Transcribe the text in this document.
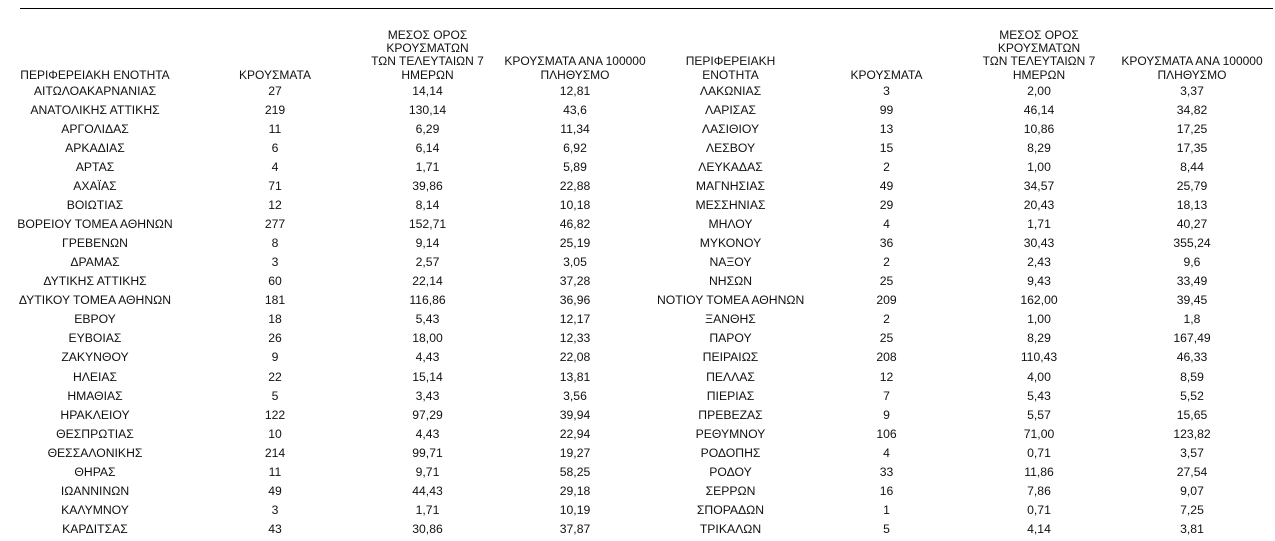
ΠΕΡΙΦΕΡΕΙΑΚΗ ΕΝΟΤΗΤΑ	ΚΡΟΥΣΜΑΤΑ	ΜΕΣΟΣ ΟΡΟΣ ΚΡΟΥΣΜΑΤΩΝ
ΤΩΝ ΤΕΛΕΥΤΑΙΩΝ 7
ΗΜΕΡΩΝ	ΚΡΟΥΣΜΑΤΑ ΑΝΑ 100000
ΠΛΗΘΥΣΜΟ

ΑΙΤΩΛΟΑΚΑΡΝΑΝΙΑΣ	27	14,14	12,81
ΑΝΑΤΟΛΙΚΗΣ ΑΤΤΙΚΗΣ	219	130,14	43,6
ΑΡΓΟΛΙΔΑΣ	11	6,29	11,34
ΑΡΚΑΔΙΑΣ	6	6,14	6,92
ΑΡΤΑΣ	4	1,71	5,89
ΑΧΑΪΑΣ	71	39,86	22,88
ΒΟΙΩΤΙΑΣ	12	8,14	10,18
ΒΟΡΕΙΟΥ ΤΟΜΕΑ ΑΘΗΝΩΝ	277	152,71	46,82
ΓΡΕΒΕΝΩΝ	8	9,14	25,19
ΔΡΑΜΑΣ	3	2,57	3,05
ΔΥΤΙΚΗΣ ΑΤΤΙΚΗΣ	60	22,14	37,28
ΔΥΤΙΚΟΥ ΤΟΜΕΑ ΑΘΗΝΩΝ	181	116,86	36,96
ΕΒΡΟΥ	18	5,43	12,17
ΕΥΒΟΙΑΣ	26	18,00	12,33
ΖΑΚΥΝΘΟΥ	9	4,43	22,08
ΗΛΕΙΑΣ	22	15,14	13,81
ΗΜΑΘΙΑΣ	5	3,43	3,56
ΗΡΑΚΛΕΙΟΥ	122	97,29	39,94
ΘΕΣΠΡΩΤΙΑΣ	10	4,43	22,94
ΘΕΣΣΑΛΟΝΙΚΗΣ	214	99,71	19,27
ΘΗΡΑΣ	11	9,71	58,25
ΙΩΑΝΝΙΝΩΝ	49	44,43	29,18
ΚΑΛΥΜΝΟΥ	3	1,71	10,19
ΚΑΡΔΙΤΣΑΣ	43	30,86	37,87
ΠΕΡΙΦΕΡΕΙΑΚΗ ΕΝΟΤΗΤΑ	ΚΡΟΥΣΜΑΤΑ	ΜΕΣΟΣ ΟΡΟΣ ΚΡΟΥΣΜΑΤΩΝ
ΤΩΝ ΤΕΛΕΥΤΑΙΩΝ 7
ΗΜΕΡΩΝ	ΚΡΟΥΣΜΑΤΑ ΑΝΑ 100000
ΠΛΗΘΥΣΜΟ

ΛΑΚΩΝΙΑΣ	3	2,00	3,37
ΛΑΡΙΣΑΣ	99	46,14	34,82
ΛΑΣΙΘΙΟΥ	13	10,86	17,25
ΛΕΣΒΟΥ	15	8,29	17,35
ΛΕΥΚΑΔΑΣ	2	1,00	8,44
ΜΑΓΝΗΣΙΑΣ	49	34,57	25,79
ΜΕΣΣΗΝΙΑΣ	29	20,43	18,13
ΜΗΛΟΥ	4	1,71	40,27
ΜΥΚΟΝΟΥ	36	30,43	355,24
ΝΑΞΟΥ	2	2,43	9,6
ΝΗΣΩΝ	25	9,43	33,49
ΝΟΤΙΟΥ ΤΟΜΕΑ ΑΘΗΝΩΝ	209	162,00	39,45
ΞΑΝΘΗΣ	2	1,00	1,8
ΠΑΡΟΥ	25	8,29	167,49
ΠΕΙΡΑΙΩΣ	208	110,43	46,33
ΠΕΛΛΑΣ	12	4,00	8,59
ΠΙΕΡΙΑΣ	7	5,43	5,52
ΠΡΕΒΕΖΑΣ	9	5,57	15,65
ΡΕΘΥΜΝΟΥ	106	71,00	123,82
ΡΟΔΟΠΗΣ	4	0,71	3,57
ΡΟΔΟΥ	33	11,86	27,54
ΣΕΡΡΩΝ	16	7,86	9,07
ΣΠΟΡΑΔΩΝ	1	0,71	7,25
ΤΡΙΚΑΛΩΝ	5	4,14	3,81
